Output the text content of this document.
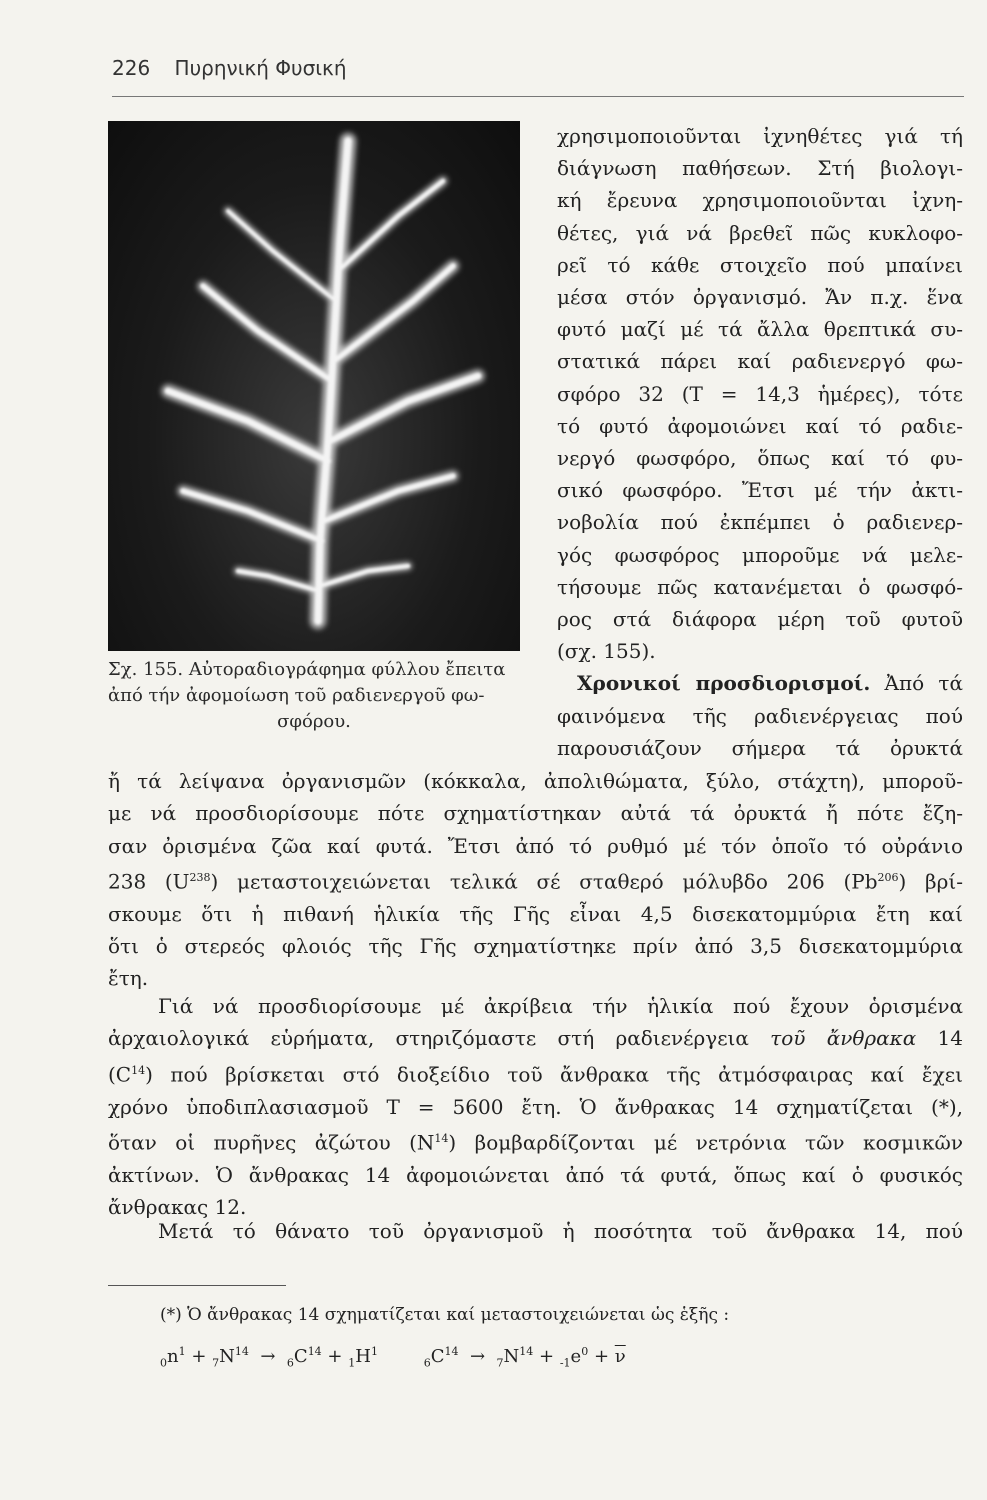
226 Πυρηνική Φυσική
Σχ. 155. Αὐτοραδιογράφημα φύλλου ἔπειτα
ἀπό τήν ἀφομοίωση τοῦ ραδιενεργοῦ φω-
σφόρου.
χρησιμοποιοῦνται ἰχνηθέτες γιά τή
διάγνωση παθήσεων. Στή βιολογι-
κή ἔρευνα χρησιμοποιοῦνται ἰχνη-
θέτες, γιά νά βρεθεῖ πῶς κυκλοφο-
ρεῖ τό κάθε στοιχεῖο πού μπαίνει
μέσα στόν ὀργανισμό. Ἄν π.χ. ἕνα
φυτό μαζί μέ τά ἄλλα θρεπτικά συ-
στατικά πάρει καί ραδιενεργό φω-
σφόρο 32 (T = 14,3 ἡμέρες), τότε
τό φυτό ἀφομοιώνει καί τό ραδιε-
νεργό φωσφόρο, ὅπως καί τό φυ-
σικό φωσφόρο. Ἔτσι μέ τήν ἀκτι-
νοβολία πού ἐκπέμπει ὁ ραδιενερ-
γός φωσφόρος μποροῦμε νά μελε-
τήσουμε πῶς κατανέμεται ὁ φωσφό-
ρος στά διάφορα μέρη τοῦ φυτοῦ
(σχ. 155).
Χρονικοί προσδιορισμοί. Ἀπό τά
φαινόμενα τῆς ραδιενέργειας πού
παρουσιάζουν σήμερα τά ὀρυκτά
ἤ τά λείψανα ὀργανισμῶν (κόκκαλα, ἀπολιθώματα, ξύλο, στάχτη), μποροῦ-
με νά προσδιορίσουμε πότε σχηματίστηκαν αὐτά τά ὀρυκτά ἤ πότε ἔζη-
σαν ὀρισμένα ζῶα καί φυτά. Ἔτσι ἀπό τό ρυθμό μέ τόν ὁποῖο τό οὐράνιο
238 $(U^{238})$ μεταστοιχειώνεται τελικά σέ σταθερό μόλυβδο 206 (Pb$^{206}$) βρί-
σκουμε ὅτι ἡ πιθανή ἡλικία τῆς Γῆς εἶναι 4,5 δισεκατομμύρια ἔτη καί
ὅτι ὁ στερεός φλοιός τῆς Γῆς σχηματίστηκε πρίν ἀπό 3,5 δισεκατομμύρια
ἔτη.
Γιά νά προσδιορίσουμε μέ ἀκρίβεια τήν ἡλικία πού ἔχουν ὁρισμένα
ἀρχαιολογικά εὑρήματα, στηριζόμαστε στή ραδιενέργεια τοῦ ἄνθρακα 14
$(C^{14})$ πού βρίσκεται στό διοξείδιο τοῦ ἄνθρακα τῆς ἀτμόσφαιρας καί ἔχει
χρόνο ὑποδιπλασιασμοῦ T = 5600 ἔτη. Ὁ ἄνθρακας 14 σχηματίζεται (*),
ὅταν οἱ πυρῆνες ἀζώτου $(N^{14})$ βομβαρδίζονται μέ νετρόνια τῶν κοσμικῶν
ἀκτίνων. Ὁ ἄνθρακας 14 ἀφομοιώνεται ἀπό τά φυτά, ὅπως καί ὁ φυσικός
ἄνθρακας 12.
Μετά τό θάνατο τοῦ ὀργανισμοῦ ἡ ποσότητα τοῦ ἄνθρακα 14, πού
(*) Ὁ ἄνθρακας 14 σχηματίζεται καί μεταστοιχειώνεται ὡς ἑξῆς :
$_0n^1 + _7N^{14} \to _6C^{14} + _1H^1$        $_6C^{14} \to _7N^{14} + _{-1}e^0 + \overline{\nu}$
